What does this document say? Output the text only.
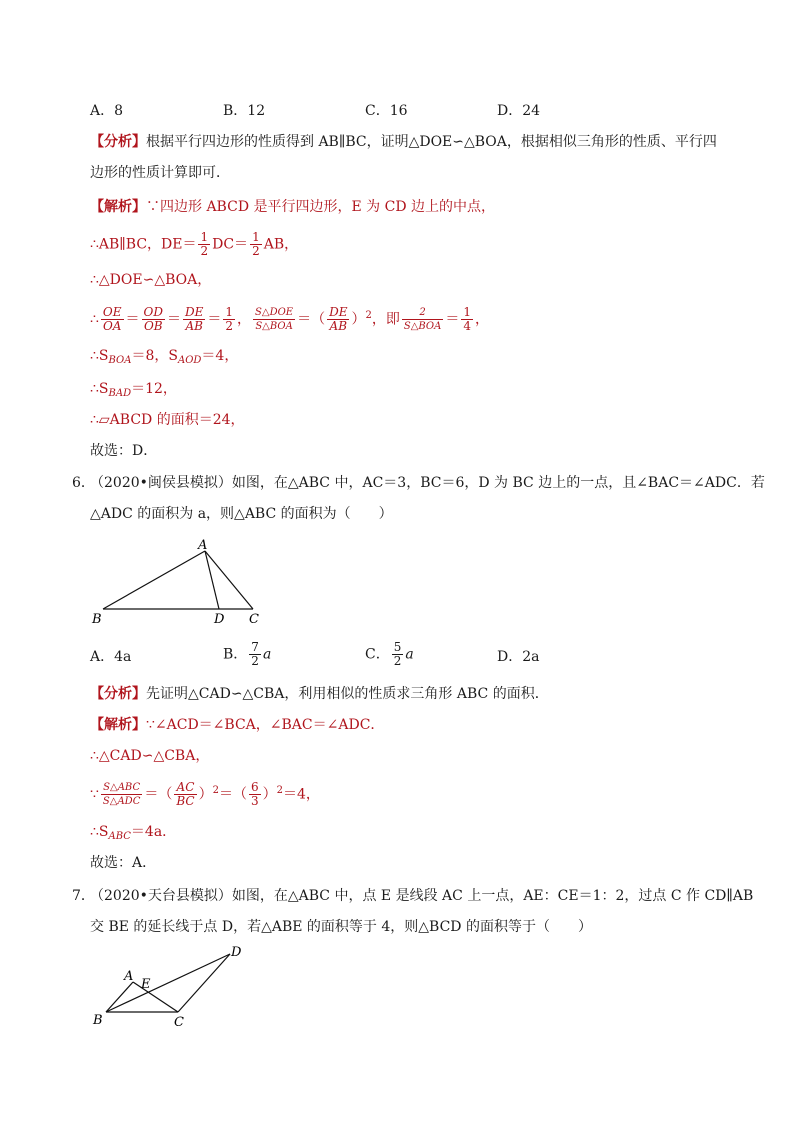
A．8	B．12	C．16	D．24
【分析】根据平行四边形的性质得到 AB∥BC，证明△DOE∽△BOA，根据相似三角形的性质、平行四
边形的性质计算即可．
【解析】∵四边形 ABCD 是平行四边形，E 为 CD 边上的中点，
∴AB∥BC，$DE= \frac{1}{2} DC= \frac{1}{2}$ AB，
∴△DOE∽△BOA，
∴ $\frac{OE}{OA} = \frac{OD}{OB} = \frac{DE}{AB} = \frac{1}{2}$ ， $\frac{\text{S△DOE}}{\text{S△BOA}}$ ＝（ $\frac{DE}{AB} )^2$，即 $\frac{2}{\text{S△BOA}} = \frac{1}{4}$ ，
$\therefore S_{BOA}=8$，$S_{AOD}=4$，
$\therefore S_{BAD}=12$，
∴▱ABCD 的面积＝24，
故选：D．
6．
（2020•闽侯县模拟）如图，在△ABC 中，AC＝3，BC＝6，D 为 BC 边上的一点，且∠BAC＝∠ADC．若
△ADC 的面积为 a，则△ABC 的面积为（　　）
A
B	D C
A．4a	B． $\frac{7}{2}$ a	C． $\frac{5}{2}$ a	D．2a
【分析】先证明△CAD∽△CBA，利用相似的性质求三角形 ABC 的面积．
【解析】∵∠ACD＝∠BCA，∠BAC＝∠ADC．
∴△CAD∽△CBA，
∵ $\frac{\text{S△ABC}}{\text{S△ADC}}$ ＝（ $\frac{AC}{BC} )^2=( \frac{6}{3} )^2=4$，
$\therefore S_{ABC}=4a$．
故选：A．
7．
（2020•天台县模拟）如图，在△ABC 中，点 E 是线段 AC 上一点，AE：CE＝1：2，过点 C 作 CD∥AB
交 BE 的延长线于点 D，若△ABE 的面积等于 4，则△BCD 的面积等于（　　）
A
E
D
B	C
